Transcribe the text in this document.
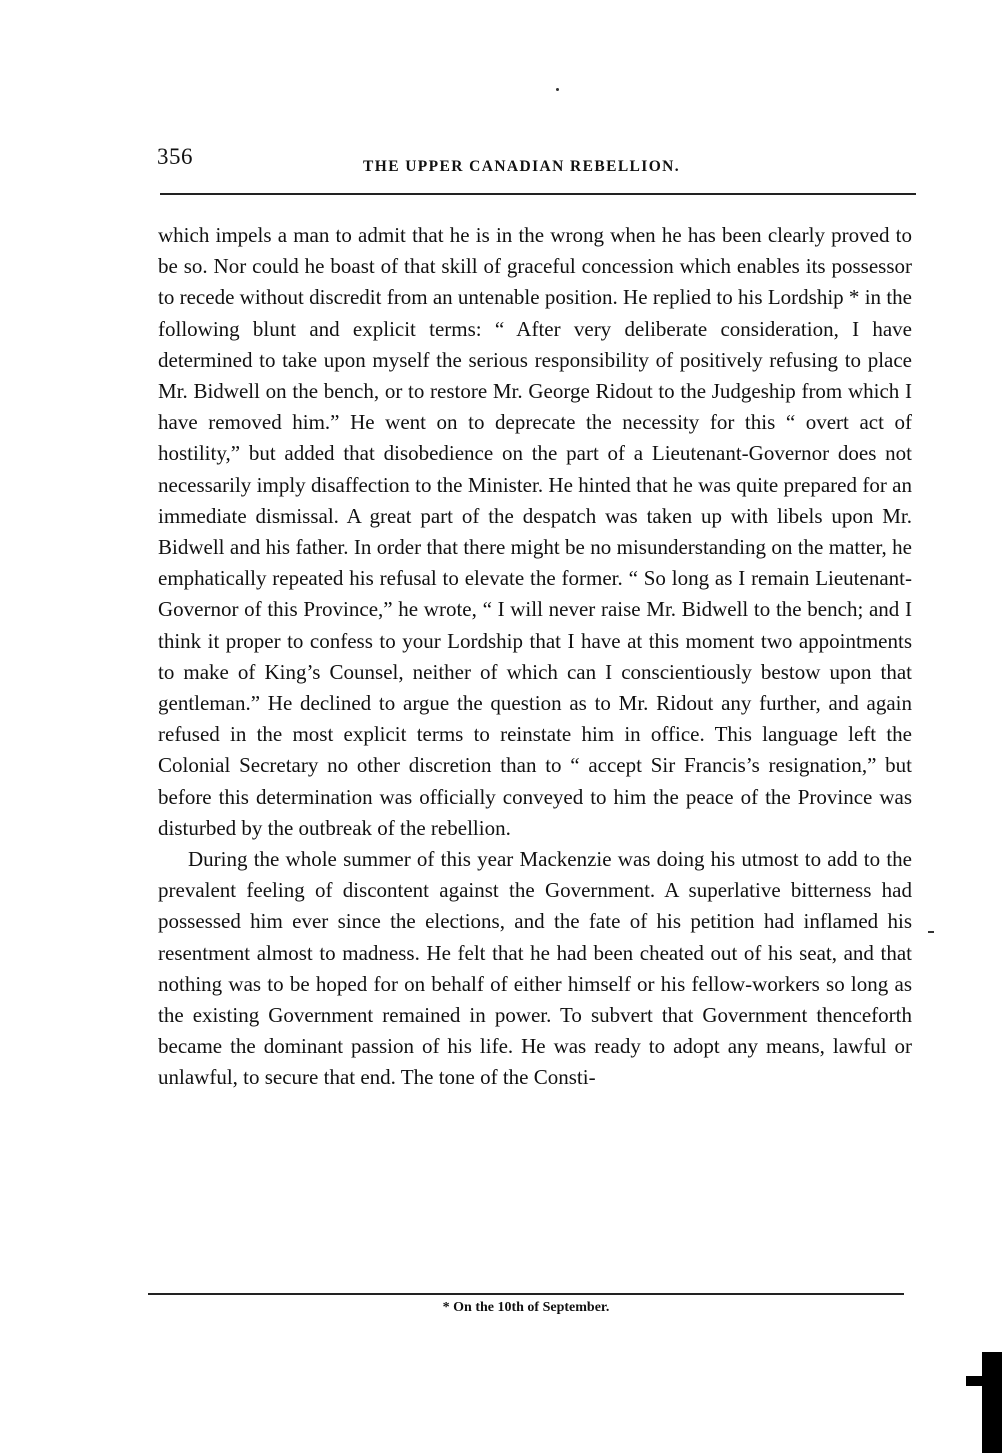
356	THE UPPER CANADIAN REBELLION.

which impels a man to admit that he is in the wrong when he has been clearly proved to be so. Nor could he boast of that skill of graceful concession which enables its possessor to recede without discredit from an untenable position. He replied to his Lordship * in the following blunt and explicit terms: “ After very deliberate consideration, I have determined to take upon myself the serious responsibility of positively refusing to place Mr. Bidwell on the bench, or to restore Mr. George Ridout to the Judgeship from which I have removed him.” He went on to deprecate the necessity for this “ overt act of hostility,” but added that disobedience on the part of a Lieutenant-Governor does not necessarily imply disaffection to the Minister. He hinted that he was quite prepared for an immediate dismissal. A great part of the despatch was taken up with libels upon Mr. Bidwell and his father. In order that there might be no misunderstanding on the matter, he emphatically repeated his refusal to elevate the former. “ So long as I remain Lieutenant-Governor of this Province,” he wrote, “ I will never raise Mr. Bidwell to the bench; and I think it proper to confess to your Lordship that I have at this moment two appointments to make of King’s Counsel, neither of which can I conscientiously bestow upon that gentleman.” He declined to argue the question as to Mr. Ridout any further, and again refused in the most explicit terms to reinstate him in office. This language left the Colonial Secretary no other discretion than to “ accept Sir Francis’s resignation,” but before this determination was officially conveyed to him the peace of the Province was disturbed by the outbreak of the rebellion.

During the whole summer of this year Mackenzie was doing his utmost to add to the prevalent feeling of discontent against the Government. A superlative bitterness had possessed him ever since the elections, and the fate of his petition had inflamed his resentment almost to madness. He felt that he had been cheated out of his seat, and that nothing was to be hoped for on behalf of either himself or his fellow-workers so long as the existing Government remained in power. To subvert that Government thenceforth became the dominant passion of his life. He was ready to adopt any means, lawful or unlawful, to secure that end. The tone of the Consti-

* On the 10th of September.
